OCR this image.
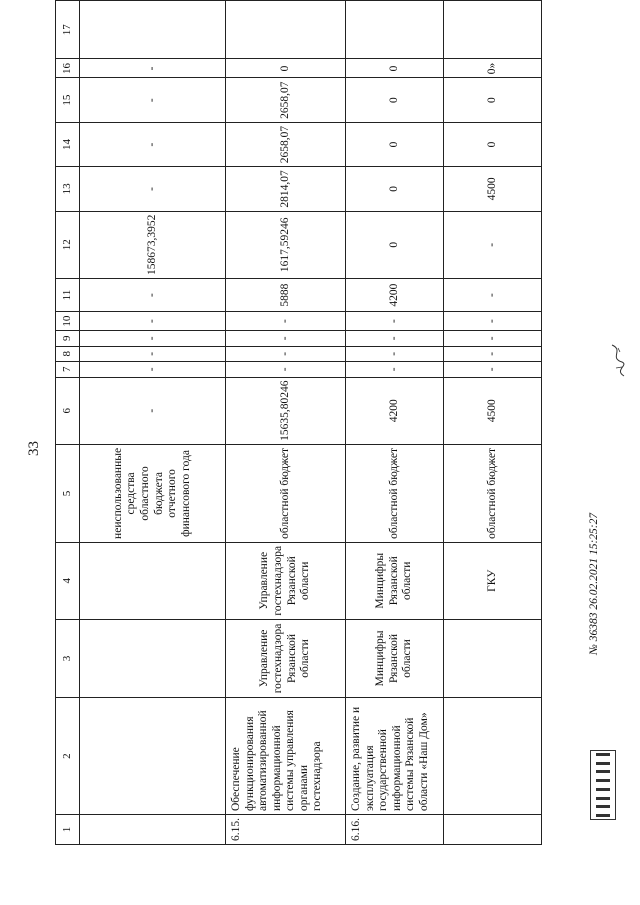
33
1	2	3	4	5	6	7	8	9	10	11	12	13	14	15	16	17
				неиспользованные средства областного бюджета отчетного финансового года	-	-	-	-	-	-	158673,3952	-	-	-	-	
6.15.	Обеспечение функционирования автоматизированной информационной системы управления органами гостехнадзора	Управление гостехнадзора Рязанской области	Управление гостехнадзора Рязанской области	областной бюджет	15635,80246	-	-	-	-	5888	1617,59246	2814,07	2658,07	2658,07	0	
6.16.	Создание, развитие и эксплуатация государственной информационной системы Рязанской области «Наш Дом»	Минцифры Рязанской области	Минцифры Рязанской области	областной бюджет	4200	-	-	-	-	4200	0	0	0	0	0	
			ГКУ	областной бюджет	4500	-	-	-	-	-	-	4500	0	0	0»	
№ 36383 26.02.2021 15:25:27
